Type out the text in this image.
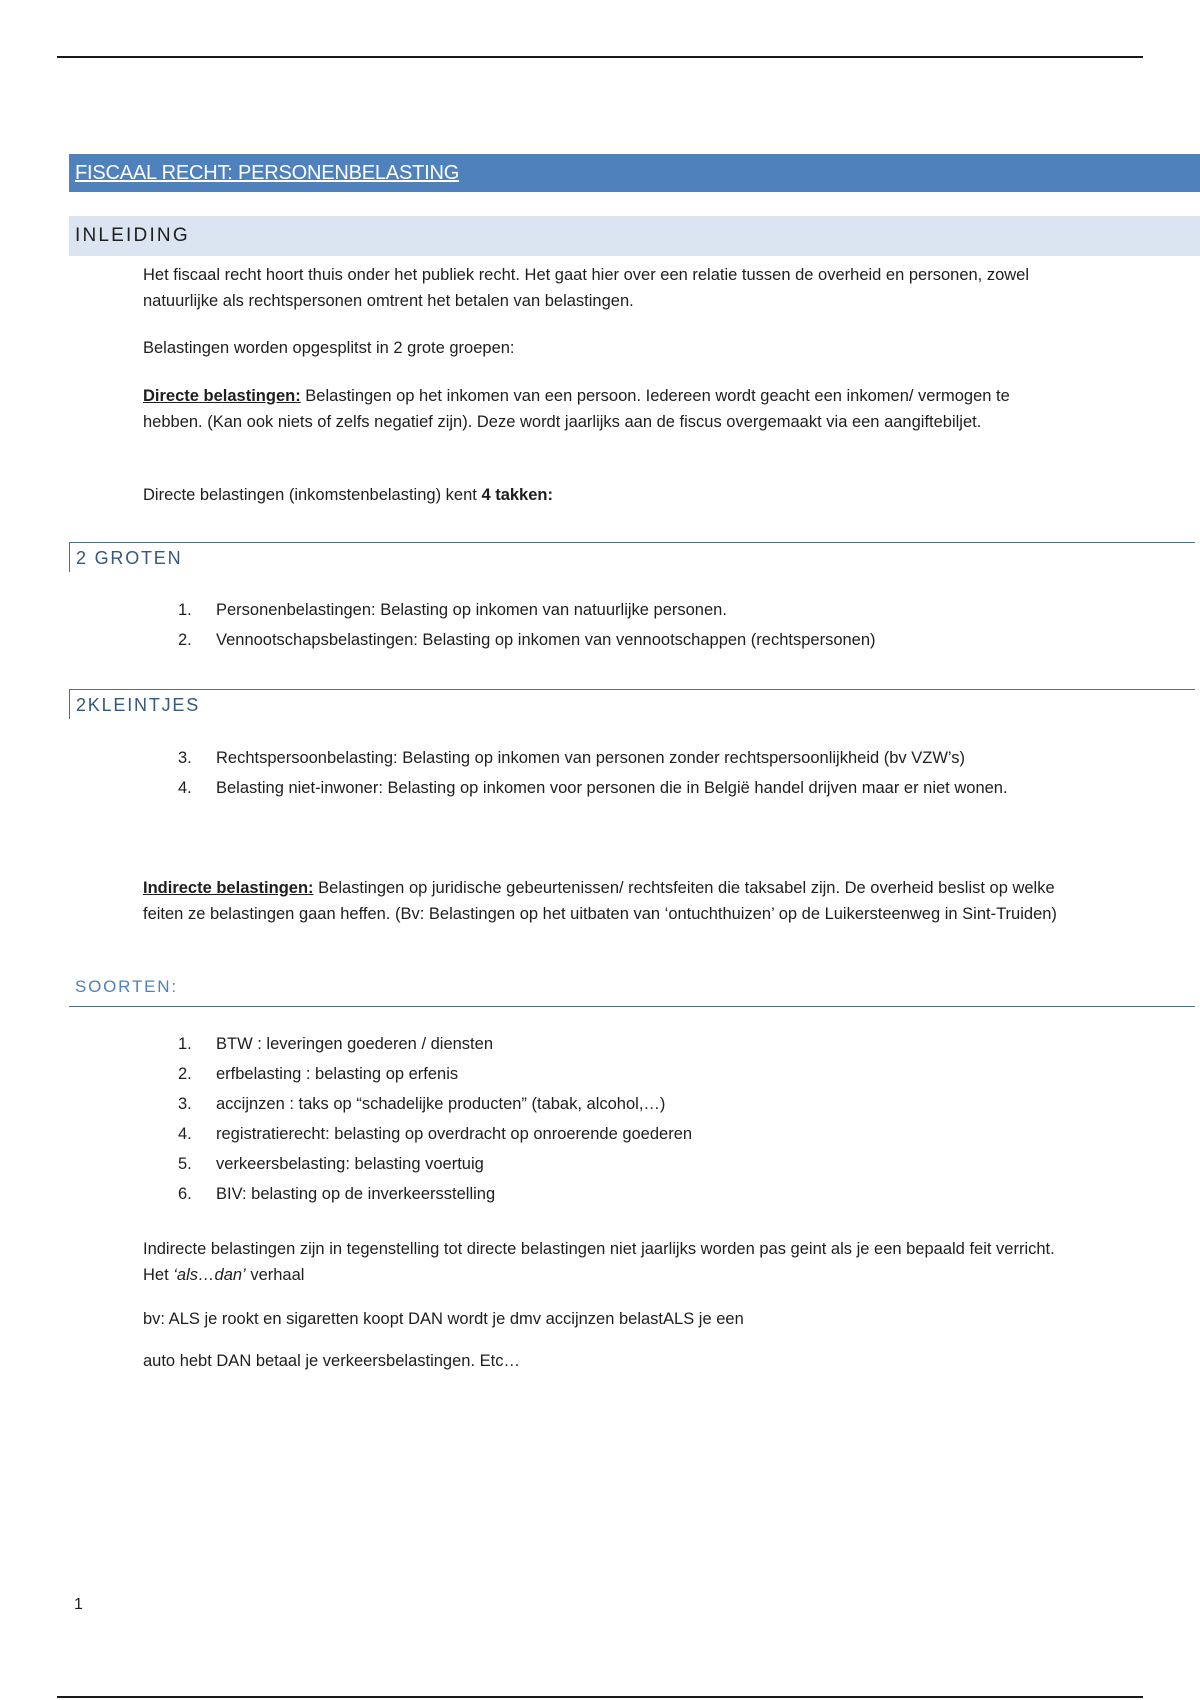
FISCAAL RECHT: PERSONENBELASTING
INLEIDING
Het fiscaal recht hoort thuis onder het publiek recht. Het gaat hier over een relatie tussen de overheid en personen, zowel natuurlijke als rechtspersonen omtrent het betalen van belastingen.
Belastingen worden opgesplitst in 2 grote groepen:
Directe belastingen: Belastingen op het inkomen van een persoon. Iedereen wordt geacht een inkomen/ vermogen te hebben. (Kan ook niets of zelfs negatief zijn). Deze wordt jaarlijks aan de fiscus overgemaakt via een aangiftebiljet.
Directe belastingen (inkomstenbelasting) kent 4 takken:
2 GROTEN
1. Personenbelastingen: Belasting op inkomen van natuurlijke personen.
2. Vennootschapsbelastingen: Belasting op inkomen van vennootschappen (rechtspersonen)
2KLEINTJES
3. Rechtspersoonbelasting: Belasting op inkomen van personen zonder rechtspersoonlijkheid (bv VZW’s)
4. Belasting niet-inwoner: Belasting op inkomen voor personen die in België handel drijven maar er niet wonen.
Indirecte belastingen: Belastingen op juridische gebeurtenissen/ rechtsfeiten die taksabel zijn. De overheid beslist op welke feiten ze belastingen gaan heffen. (Bv: Belastingen op het uitbaten van ‘ontuchthuizen’ op de Luikersteenweg in Sint-Truiden)
SOORTEN:
1. BTW : leveringen goederen / diensten
2. erfbelasting : belasting op erfenis
3. accijnzen : taks op “schadelijke producten” (tabak, alcohol,…)
4. registratierecht: belasting op overdracht op onroerende goederen
5. verkeersbelasting: belasting voertuig
6. BIV: belasting op de inverkeersstelling
Indirecte belastingen zijn in tegenstelling tot directe belastingen niet jaarlijks worden pas geint als je een bepaald feit verricht. Het ‘als…dan’ verhaal
bv: ALS je rookt en sigaretten koopt DAN wordt je dmv accijnzen belastALS je een
auto hebt DAN betaal je verkeersbelastingen. Etc…
1
